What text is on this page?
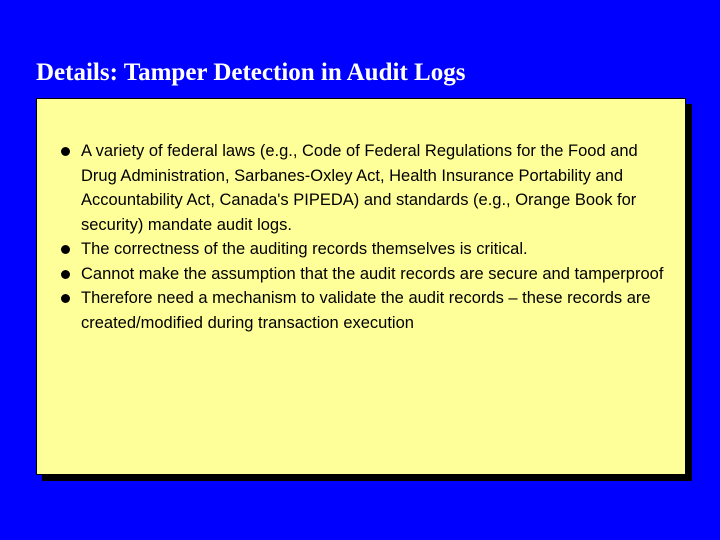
Details: Tamper Detection in Audit Logs
A variety of federal laws (e.g., Code of Federal Regulations for the Food and Drug Administration, Sarbanes-Oxley Act, Health Insurance Portability and Accountability Act, Canada's PIPEDA) and standards (e.g., Orange Book for security) mandate audit logs.
The correctness of the auditing records themselves is critical.
Cannot make the assumption that the audit records are secure and tamperproof
Therefore need a mechanism to validate the audit records – these records are created/modified during transaction execution
